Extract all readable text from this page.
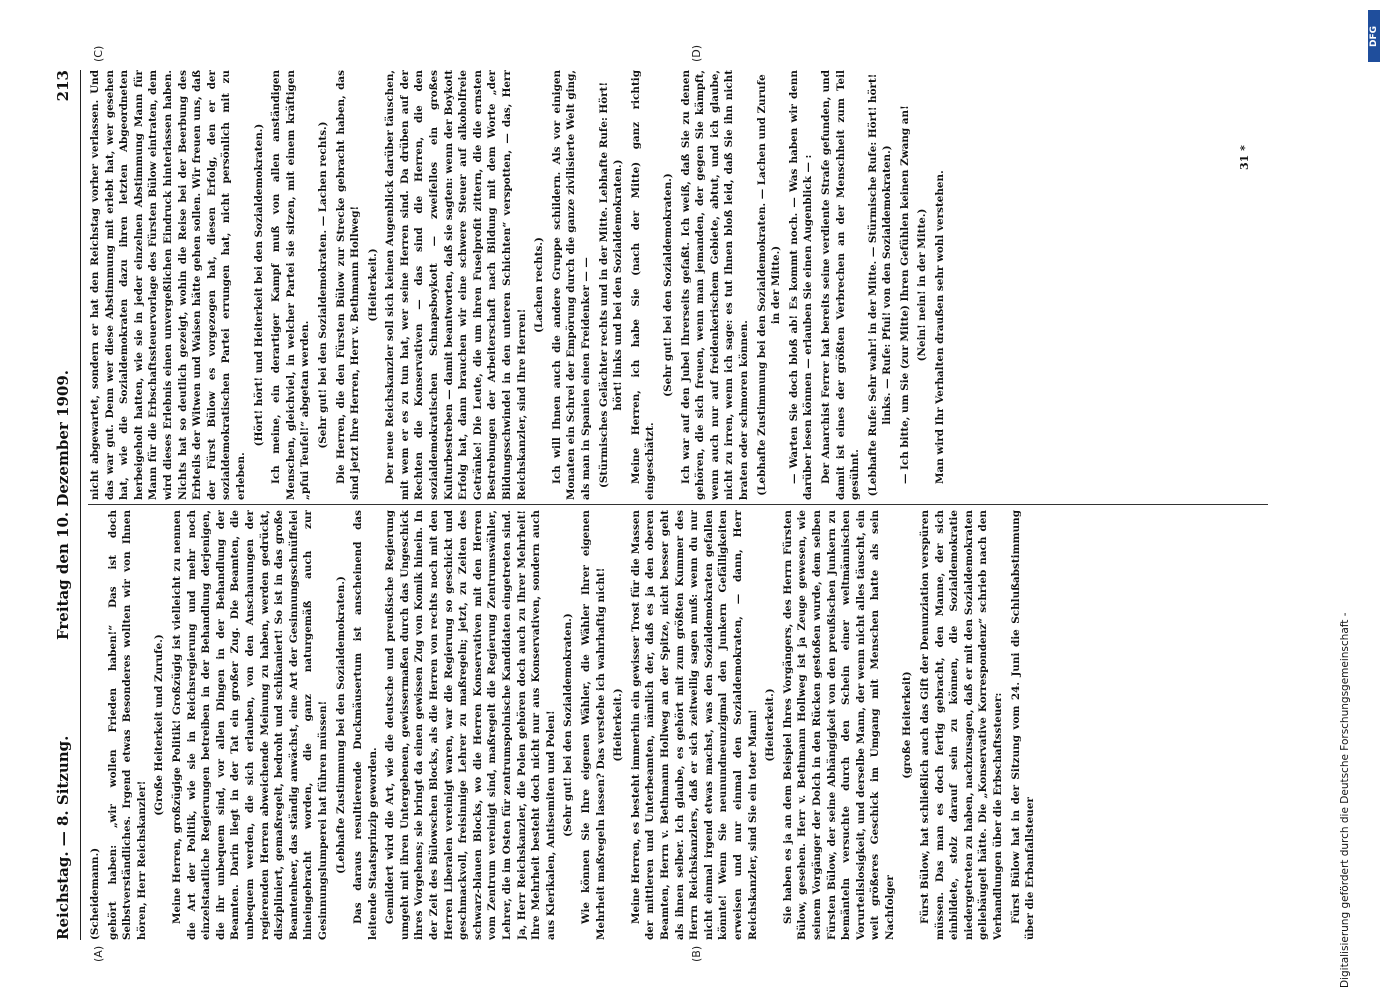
Reichstag. — 8. Sitzung.
Freitag den 10. Dezember 1909.
213
(A)	(B)
(C)	(D)

(Scheidemann.) gehört haben: „wir wollen Frieden haben!“ Das ist doch Selbstverständliches. Irgend etwas Besonderes wollten wir von Ihnen hören, Herr Reichskanzler!

(Große Heiterkeit und Zurufe.) Meine Herren, großzügige Politik! Großzügig ist vielleicht zu nennen die Art der Politik, wie sie in Reichsregierung und mehr noch einzelstaatliche Regierungen betreiben in der Behandlung derjenigen, die ihr unbequem sind, vor allen Dingen in der Behandlung der Beamten. Darin liegt in der Tat ein großer Zug. Die Beamten, die unbequem werden, die sich erlauben, von den Anschauungen der regierenden Herren abweichende Meinung zu haben, werden gedrückt, diszipliniert, gemaßregelt, bedroht und schikaniert! So ist in das große Beamtenheer, das ständig anwächst, eine Art der Gesinnungsschnüffelei hineingebracht worden, die ganz naturgemäß auch zur Gesinnungslumperei hat führen müssen! (Lebhafte Zustimmung bei den Sozialdemokraten.) Das daraus resultierende Duckmäusertum ist anscheinend das leitende Staatsprinzip geworden. Gemildert wird die Art, wie die deutsche und preußische Regierung umgeht mit ihren Untergebenen, gewissermaßen durch das Ungeschick ihres Vorgehens; sie bringt da einen gewissen Zug von Komik hinein. In der Zeit des Bülowschen Blocks, als die Herren von rechts noch mit den Herren Liberalen vereinigt waren, war die Regierung so geschickt und geschmackvoll, freisinnige Lehrer zu maßregeln; jetzt, zu Zeiten des schwarz-blauen Blocks, wo die Herren Konservativen mit den Herren vom Zentrum vereinigt sind, maßregelt die Regierung Zentrumswähler, Lehrer, die im Osten für zentrumspolnische Kandidaten eingetreten sind. Ja, Herr Reichskanzler, die Polen gehören doch auch zu Ihrer Mehrheit! Ihre Mehrheit besteht doch nicht nur aus Konservativen, sondern auch aus Klerikalen, Antisemiten und Polen! (Sehr gut! bei den Sozialdemokraten.) Wie können Sie Ihre eigenen Wähler, die Wähler Ihrer eigenen Mehrheit maßregeln lassen? Das verstehe ich wahrhaftig nicht! (Heiterkeit.) Meine Herren, es besteht immerhin ein gewisser Trost für die Massen der mittleren und Unterbeamten, nämlich der, daß es ja den oberen Beamten, Herrn v. Bethmann Hollweg an der Spitze, nicht besser geht als ihnen selber. Ich glaube, es gehört mit zum größten Kummer des Herrn Reichskanzlers, daß er sich zeitweilig sagen muß: wenn du nur nicht einmal irgend etwas machst, was den Sozialdemokraten gefallen könnte! Wenn Sie neunundneunzigmal den Junkern Gefälligkeiten erweisen und nur einmal den Sozialdemokraten, — dann, Herr Reichskanzler, sind Sie ein toter Mann! (Heiterkeit.) Sie haben es ja an dem Beispiel Ihres Vorgängers, des Herrn Fürsten Bülow, gesehen. Herr v. Bethmann Hollweg ist ja Zeuge gewesen, wie seinem Vorgänger der Dolch in den Rücken gestoßen wurde, dem selben Fürsten Bülow, der seine Abhängigkeit von den preußischen Junkern zu bemänteln versuchte durch den Schein einer weltmännischen Vorurteilslosigkeit, und derselbe Mann, der wenn nicht alles täuscht, ein weit größeres Geschick im Umgang mit Menschen hatte als sein Nachfolger

(große Heiterkeit) Fürst Bülow, hat schließlich auch das Gift der Denunziation verspüren müssen. Das man es doch fertig gebracht, den Manne, der sich einbildete, stolz darauf sein zu können, die Sozialdemokratie niedergetreten zu haben, nachzusagen, daß er mit den Sozialdemokraten geliebäugelt hätte. Die „Konservative Korrespondenz“ schrieb nach den Verhandlungen über die Erbschaftssteuer: Fürst Bülow hat in der Sitzung vom 24. Juni die Schlußabstimmung über die Erbanfallsteuer

nicht abgewartet, sondern er hat den Reichstag vorher verlassen. Und das war gut. Denn wer diese Abstimmung mit erlebt hat, wer gesehen hat, wie die Sozialdemokraten dazu ihren letzten Abgeordneten herbeigeholt hatten, wie sie in jeder einzelnen Abstimmung Mann für Mann für die Erbschaftssteuervorlage des Fürsten Bülow eintraten, dem wird dieses Erlebnis einen unvergeßlichen Eindruck hinterlassen haben. Nichts hat so deutlich gezeigt, wohin die Reise bei der Beerbung des Erbteils der Witwen und Waisen hätte gehen sollen. Wir freuen uns, daß der Fürst Bülow es vorgezogen hat, diesen Erfolg, den er der sozialdemokratischen Partei errungen hat, nicht persönlich mit zu erleben.

(Hört! hört! und Heiterkeit bei den Sozialdemokraten.) Ich meine, ein derartiger Kampf muß von allen anständigen Menschen, gleichviel, in welcher Partei sie sitzen, mit einem kräftigen „pfui Teufel!“ abgetan werden. (Sehr gut! bei den Sozialdemokraten. — Lachen rechts.) Die Herren, die den Fürsten Bülow zur Strecke gebracht haben, das sind jetzt Ihre Herren, Herr v. Bethmann Hollweg! (Heiterkeit.) Der neue Reichskanzler soll sich keinen Augenblick darüber täuschen, mit wem er es zu tun hat, wer seine Herren sind. Da drüben auf der Rechten die Konservativen — das sind die Herren, die den sozialdemokratischen Schnapsboykott — zweifellos ein großes Kulturbestreben — damit beantworten, daß sie sagten: wenn der Boykott Erfolg hat, dann brauchen wir eine schwere Steuer auf alkoholfreie Getränke! Die Leute, die um ihren Fuselprofit zittern, die die ernsten Bestrebungen der Arbeiterschaft nach Bildung mit dem Worte „der Bildungsschwindel in den unteren Schichten“ verspotten, — das, Herr Reichskanzler, sind Ihre Herren!

(Lachen rechts.) Ich will Ihnen auch die andere Gruppe schildern. Als vor einigen Monaten ein Schrei der Empörung durch die ganze zivilisierte Welt ging, als man in Spanien einen Freidenker — — (Stürmisches Gelächter rechts und in der Mitte. Lebhafte Rufe: Hört! hört! links und bei den Sozialdemokraten.) Meine Herren, ich habe Sie (nach der Mitte) ganz richtig eingeschätzt.

(Sehr gut! bei den Sozialdemokraten.) Ich war auf den Jubel Ihrerseits gefaßt. Ich weiß, daß Sie zu denen gehören, die sich freuen, wenn man jemanden, der gegen Sie kämpft, wenn auch nur auf freidenkerischem Gebiete, abtut, und ich glaube, nicht zu irren, wenn ich sage: es tut Ihnen bloß leid, daß Sie ihn nicht braten oder schmoren können. (Lebhafte Zustimmung bei den Sozialdemokraten. — Lachen und Zurufe in der Mitte.) — Warten Sie doch bloß ab! Es kommt noch. — Was haben wir denn darüber lesen können — erlauben Sie einen Augenblick — : Der Anarchist Ferrer hat bereits seine verdiente Strafe gefunden, und damit ist eines der größten Verbrechen an der Menschheit zum Teil gesühnt. (Lebhafte Rufe: Sehr wahr! in der Mitte. — Stürmische Rufe: Hört! hört! links. — Rufe: Pfui! von den Sozialdemokraten.) — Ich bitte, um Sie (zur Mitte) Ihren Gefühlen keinen Zwang an! (Nein! nein! in der Mitte.) Man wird Ihr Verhalten draußen sehr wohl verstehen.

31 *
Digitalisierung gefördert durch die Deutsche Forschungsgemeinschaft -
DFG
